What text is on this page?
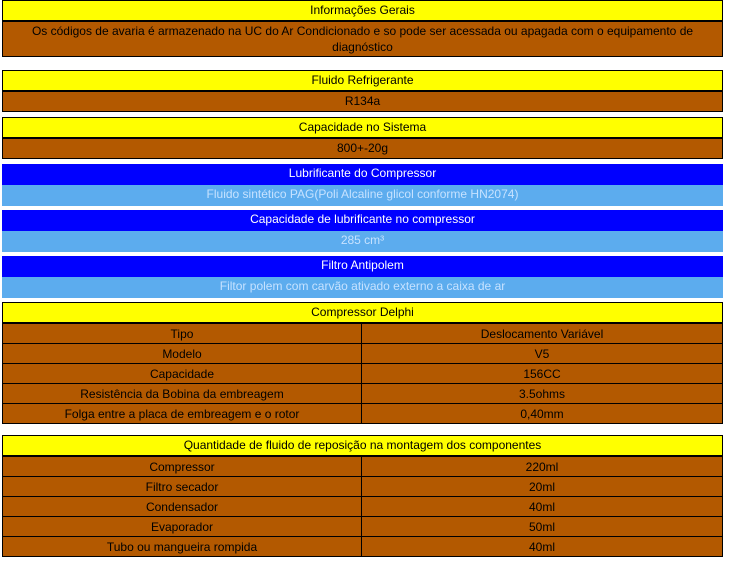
Informações Gerais
Os códigos de avaria é armazenado na UC do Ar Condicionado e so pode ser acessada ou apagada com o equipamento de diagnóstico
Fluido Refrigerante
R134a
Capacidade no Sistema
800+-20g
Lubrificante do Compressor
Fluido sintético PAG(Poli Alcaline glicol conforme HN2074)
Capacidade de lubrificante no compressor
285 cm³
Filtro Antipolem
Filtor polem com carvão ativado externo a caixa de ar
Compressor Delphi
Tipo	Deslocamento Variável
Modelo	V5
Capacidade	156CC
Resistência da Bobina da embreagem	3.5ohms
Folga entre a placa de embreagem e o rotor	0,40mm
Quantidade de fluido de reposição na montagem dos componentes
Compressor	220ml
Filtro secador	20ml
Condensador	40ml
Evaporador	50ml
Tubo ou mangueira rompida	40ml
